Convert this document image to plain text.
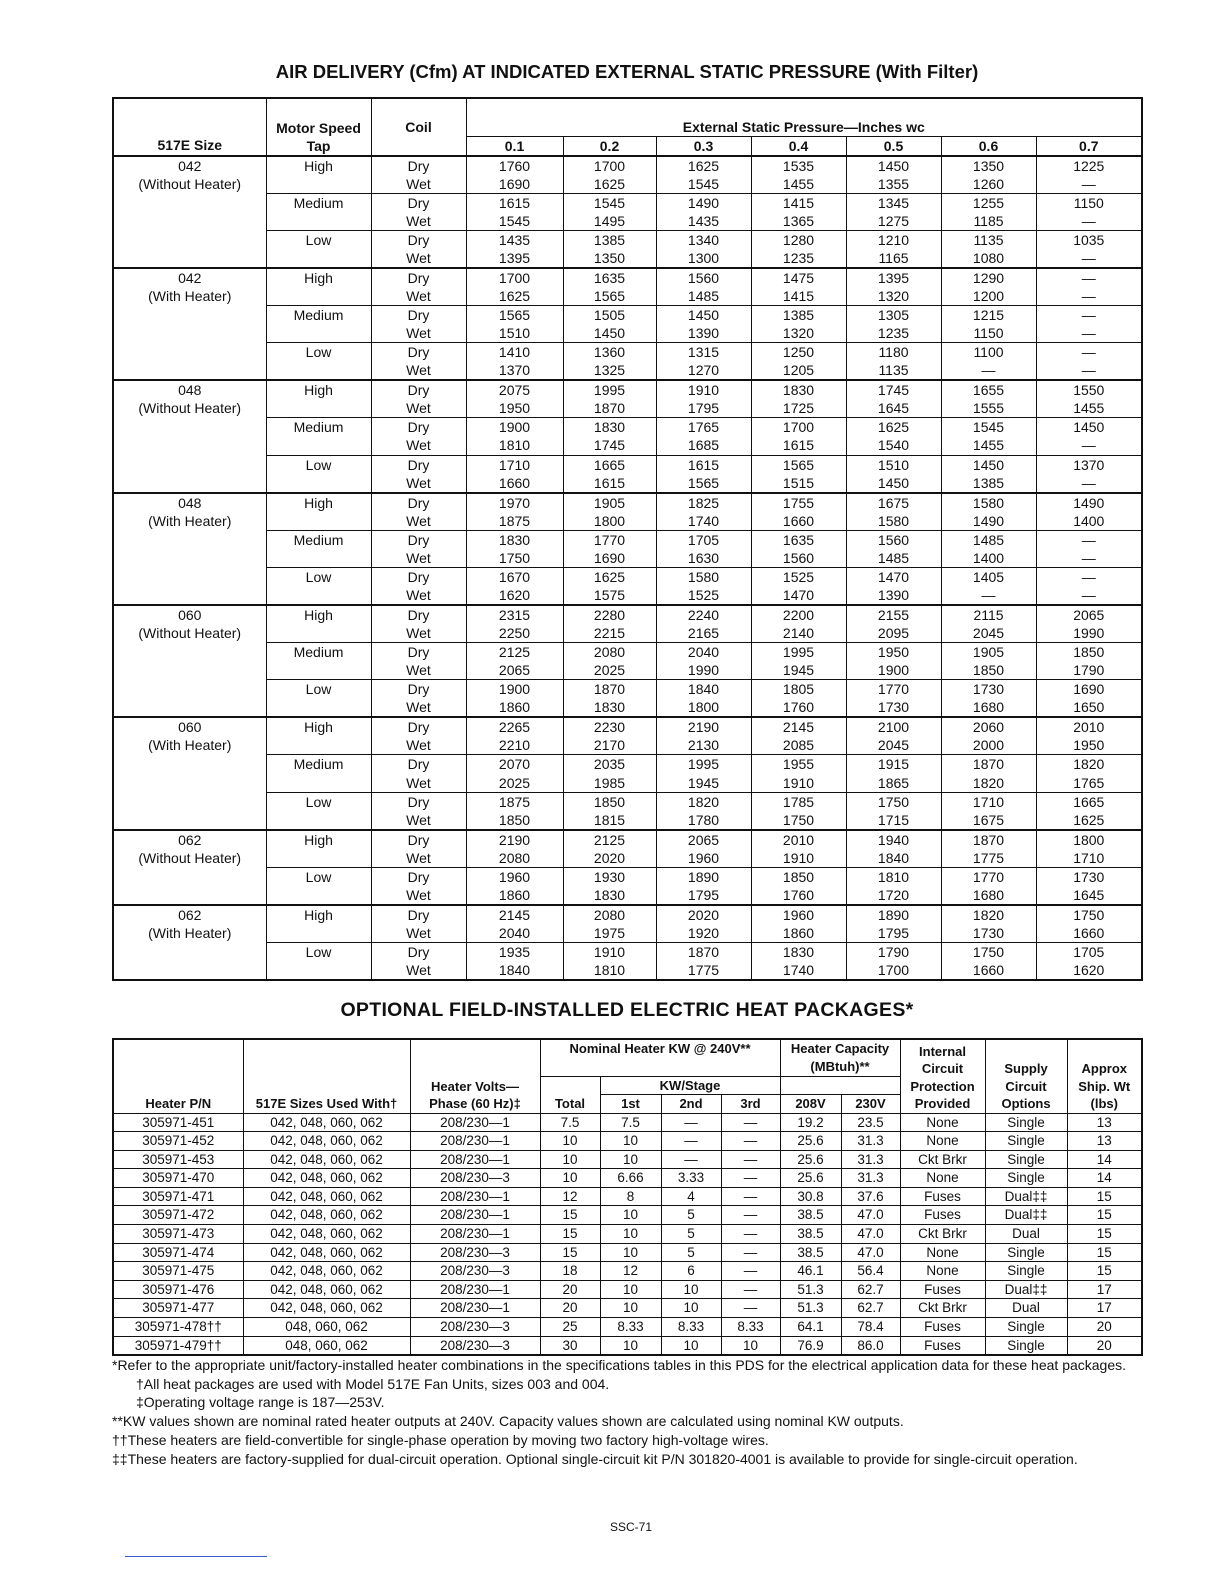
AIR DELIVERY (Cfm) AT INDICATED EXTERNAL STATIC PRESSURE (With Filter)
517E Size	Motor Speed Tap	Coil	External Static Pressure—Inches wc						
			0.1	0.2	0.3	0.4	0.5	0.6	0.7

042
(Without Heater)	High	Dry	1760	1700	1625	1535	1450	1350	1225
		Wet	1690	1625	1545	1455	1355	1260	—
	Medium	Dry	1615	1545	1490	1415	1345	1255	1150
		Wet	1545	1495	1435	1365	1275	1185	—
	Low	Dry	1435	1385	1340	1280	1210	1135	1035
		Wet	1395	1350	1300	1235	1165	1080	—

042
(With Heater)	High	Dry	1700	1635	1560	1475	1395	1290	—
		Wet	1625	1565	1485	1415	1320	1200	—
	Medium	Dry	1565	1505	1450	1385	1305	1215	—
		Wet	1510	1450	1390	1320	1235	1150	—
	Low	Dry	1410	1360	1315	1250	1180	1100	—
		Wet	1370	1325	1270	1205	1135	—	—

048
(Without Heater)	High	Dry	2075	1995	1910	1830	1745	1655	1550
		Wet	1950	1870	1795	1725	1645	1555	1455
	Medium	Dry	1900	1830	1765	1700	1625	1545	1450
		Wet	1810	1745	1685	1615	1540	1455	—
	Low	Dry	1710	1665	1615	1565	1510	1450	1370
		Wet	1660	1615	1565	1515	1450	1385	—

048
(With Heater)	High	Dry	1970	1905	1825	1755	1675	1580	1490
		Wet	1875	1800	1740	1660	1580	1490	1400
	Medium	Dry	1830	1770	1705	1635	1560	1485	—
		Wet	1750	1690	1630	1560	1485	1400	—
	Low	Dry	1670	1625	1580	1525	1470	1405	—
		Wet	1620	1575	1525	1470	1390	—	—

060
(Without Heater)	High	Dry	2315	2280	2240	2200	2155	2115	2065
		Wet	2250	2215	2165	2140	2095	2045	1990
	Medium	Dry	2125	2080	2040	1995	1950	1905	1850
		Wet	2065	2025	1990	1945	1900	1850	1790
	Low	Dry	1900	1870	1840	1805	1770	1730	1690
		Wet	1860	1830	1800	1760	1730	1680	1650

060
(With Heater)	High	Dry	2265	2230	2190	2145	2100	2060	2010
		Wet	2210	2170	2130	2085	2045	2000	1950
	Medium	Dry	2070	2035	1995	1955	1915	1870	1820
		Wet	2025	1985	1945	1910	1865	1820	1765
	Low	Dry	1875	1850	1820	1785	1750	1710	1665
		Wet	1850	1815	1780	1750	1715	1675	1625

062
(Without Heater)	High	Dry	2190	2125	2065	2010	1940	1870	1800
		Wet	2080	2020	1960	1910	1840	1775	1710
	Low	Dry	1960	1930	1890	1850	1810	1770	1730
		Wet	1860	1830	1795	1760	1720	1680	1645

062
(With Heater)	High	Dry	2145	2080	2020	1960	1890	1820	1750
		Wet	2040	1975	1920	1860	1795	1730	1660
	Low	Dry	1935	1910	1870	1830	1790	1750	1705
		Wet	1840	1810	1775	1740	1700	1660	1620
OPTIONAL FIELD-INSTALLED ELECTRIC HEAT PACKAGES*
Heater P/N	517E Sizes Used With†	Heater Volts— Phase (60 Hz)‡	Nominal Heater KW @ 240V**				Heater Capacity (MBtuh)**		Internal Circuit Protection Provided	Supply Circuit Options	Approx Ship. Wt (lbs)
			Total	KW/Stage							
				1st	2nd	3rd	208V	230V			
305971-451	042, 048, 060, 062	208/230—1	7.5	7.5	—	—	19.2	23.5	None	Single	13
305971-452	042, 048, 060, 062	208/230—1	10	10	—	—	25.6	31.3	None	Single	13
305971-453	042, 048, 060, 062	208/230—1	10	10	—	—	25.6	31.3	Ckt Brkr	Single	14
305971-470	042, 048, 060, 062	208/230—3	10	6.66	3.33	—	25.6	31.3	None	Single	14
305971-471	042, 048, 060, 062	208/230—1	12	8	4	—	30.8	37.6	Fuses	Dual‡‡	15
305971-472	042, 048, 060, 062	208/230—1	15	10	5	—	38.5	47.0	Fuses	Dual‡‡	15
305971-473	042, 048, 060, 062	208/230—1	15	10	5	—	38.5	47.0	Ckt Brkr	Dual	15
305971-474	042, 048, 060, 062	208/230—3	15	10	5	—	38.5	47.0	None	Single	15
305971-475	042, 048, 060, 062	208/230—3	18	12	6	—	46.1	56.4	None	Single	15
305971-476	042, 048, 060, 062	208/230—1	20	10	10	—	51.3	62.7	Fuses	Dual‡‡	17
305971-477	042, 048, 060, 062	208/230—1	20	10	10	—	51.3	62.7	Ckt Brkr	Dual	17
305971-478††	048, 060, 062	208/230—3	25	8.33	8.33	8.33	64.1	78.4	Fuses	Single	20
305971-479††	048, 060, 062	208/230—3	30	10	10	10	76.9	86.0	Fuses	Single	20
*Refer to the appropriate unit/factory-installed heater combinations in the specifications tables in this PDS for the electrical application data for these heat packages.
†All heat packages are used with Model 517E Fan Units, sizes 003 and 004.
‡Operating voltage range is 187—253V.
**KW values shown are nominal rated heater outputs at 240V. Capacity values shown are calculated using nominal KW outputs.
††These heaters are field-convertible for single-phase operation by moving two factory high-voltage wires.
‡‡These heaters are factory-supplied for dual-circuit operation. Optional single-circuit kit P/N 301820-4001 is available to provide for single-circuit operation.
SSC-71
